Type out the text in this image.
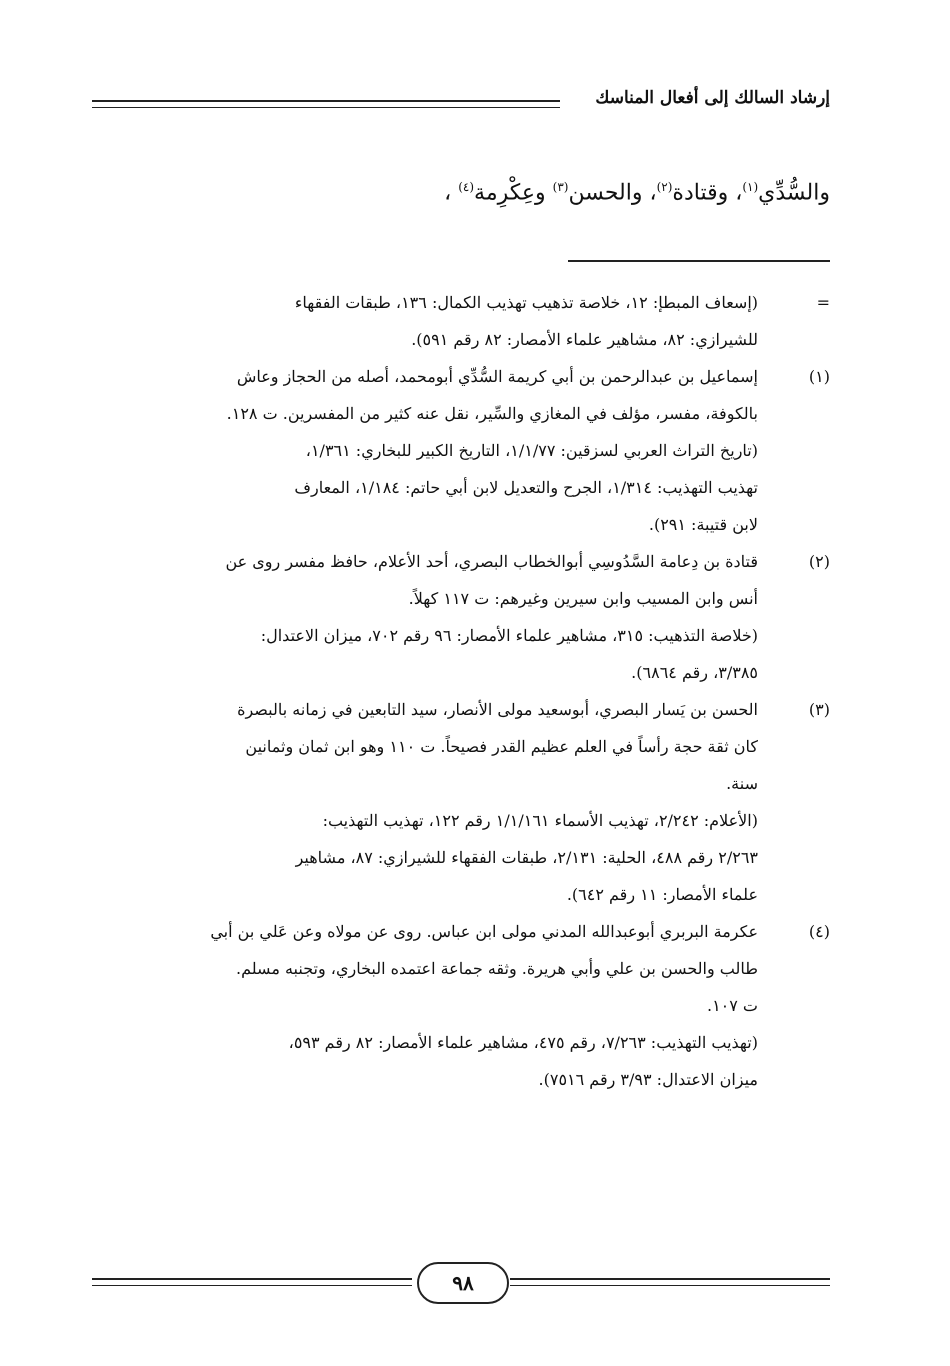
إرشاد السالك إلى أفعال المناسك
والسُّدِّي$^{(١)}$، وقتادة$^{(٢)}$، والحسن$^{(٣)}$ وعِكْرِمة$^{(٤)}$ ،
=
(إسعاف المبطإ: ١٢، خلاصة تذهيب تهذيب الكمال: ١٣٦، طبقات الفقهاء
للشيرازي: ٨٢، مشاهير علماء الأمصار: ٨٢ رقم ٥٩١).
(١)
إسماعيل بن عبدالرحمن بن أبي كريمة السُّدِّي أبومحمد، أصله من الحجاز وعاش
بالكوفة، مفسر، مؤلف في المغازي والسِّير، نقل عنه كثير من المفسرين. ت ١٢٨.
(تاريخ التراث العربي لسزقين: ١/١/٧٧، التاريخ الكبير للبخاري: ١/٣٦١،
تهذيب التهذيب: ١/٣١٤، الجرح والتعديل لابن أبي حاتم: ١/١٨٤، المعارف
لابن قتيبة: ٢٩١).
(٢)
قتادة بن دِعامة السَّدُوسِي أبوالخطاب البصري، أحد الأعلام، حافظ مفسر روى عن
أنس وابن المسيب وابن سيرين وغيرهم: ت ١١٧ كهلاً.
(خلاصة التذهيب: ٣١٥، مشاهير علماء الأمصار: ٩٦ رقم ٧٠٢، ميزان الاعتدال:
٣/٣٨٥، رقم ٦٨٦٤).
(٣)
الحسن بن يَسار البصري، أبوسعيد مولى الأنصار، سيد التابعين في زمانه بالبصرة
كان ثقة حجة رأساً في العلم عظيم القدر فصيحاً. ت ١١٠ وهو ابن ثمان وثمانين
سنة.
(الأعلام: ٢/٢٤٢، تهذيب الأسماء ١/١/١٦١ رقم ١٢٢، تهذيب التهذيب:
٢/٢٦٣ رقم ٤٨٨، الحلية: ٢/١٣١، طبقات الفقهاء للشيرازي: ٨٧، مشاهير
علماء الأمصار: ١١ رقم ٦٤٢).
(٤)
عكرمة البربري أبوعبدالله المدني مولى ابن عباس. روى عن مولاه وعن عَلي بن أبي
طالب والحسن بن علي وأبي هريرة. وثقه جماعة اعتمده البخاري، وتجنبه مسلم.
ت ١٠٧.
(تهذيب التهذيب: ٧/٢٦٣، رقم ٤٧٥، مشاهير علماء الأمصار: ٨٢ رقم ٥٩٣،
ميزان الاعتدال: ٣/٩٣ رقم ٧٥١٦).
٩٨
